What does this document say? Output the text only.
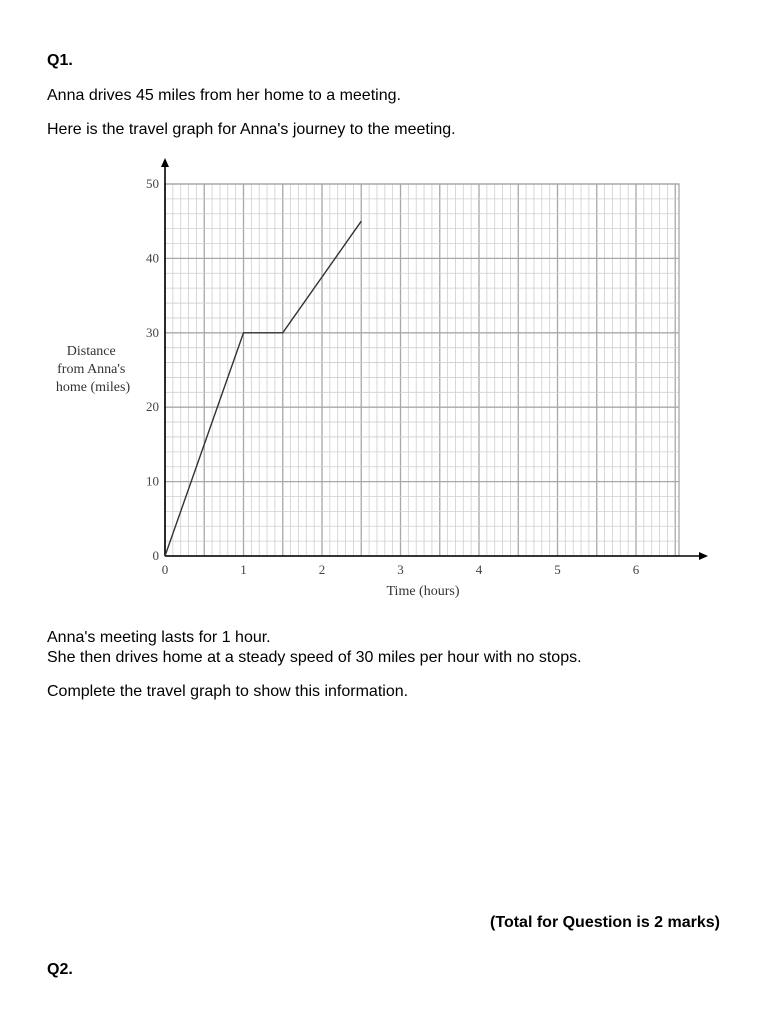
Q1.
Anna drives 45 miles from her home to a meeting.
Here is the travel graph for Anna's journey to the meeting.
0	1	2	3	4	5	6
0
10
20
30
40
50
Time (hours)
Distance from Anna's home (miles)
Anna's meeting lasts for 1 hour.
She then drives home at a steady speed of 30 miles per hour with no stops.
Complete the travel graph to show this information.
(Total for Question is 2 marks)
Q2.
